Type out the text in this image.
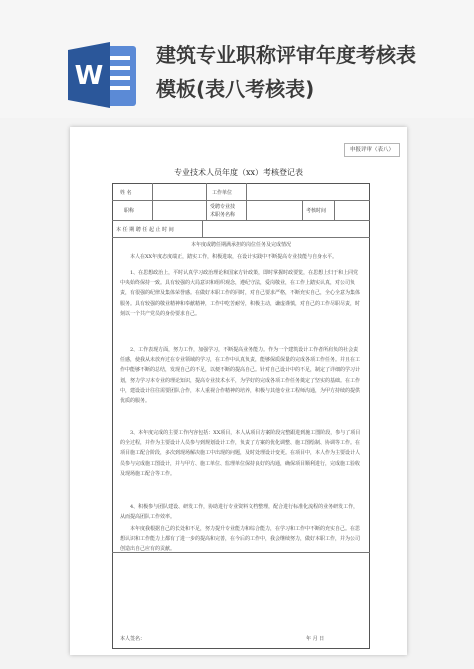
W
建筑专业职称评审年度考核表
模板(表八考核表)
申报评审（表八）
专业技术人员年度（xx）考核登记表
姓 名	工作单位
职称
受聘专业技
术职务名称
考核时间
本 任 期 聘 任 起 止 时 间

本年度或聘任期满承担的岗位任务及完成情况

本人在XX年度态度端正，踏实工作，积极进取，在设计实践中不断提高专业技能与自身水平。

1、在思想政治上，平时认真学习政治理论和国家方针政策，即时掌握时政要览，在思想上归于和上同党中央始终保持一致。具有较强的大局意识和组织观念，遵纪守法，爱岗敬业，在工作上踏实认真，对公司负责，有很强的纪律及集体荣誉感。在做好本职工作的同时，对自己要求严格，不断充实自己，全心全意为集体服务。具有较强的敬业精神和奉献精神，工作中吃苦耐劳，积极主动，谦虚谨慎，对自己的工作尽职尽责，时刻以一个共产党员的身份要求自己。

2、工作表现方面，努力工作，加强学习，不断提高业务能力。作为一个建筑设计工作者所肩负的社会责任感，使我从未放弃过在专业领域的学习，在工作中认真负责，能够保质保量的完成各项工作任务。并且在工作中能够不断的总结，发现自己的不足，以便不断的提高自己。针对自己设计中的不足，制定了详细的学习计划，努力学习本专业的理论知识，提高专业技术水平，为学好的完成各项工作任务奠定了坚实的基础。在工作中，建设设计往往需要团队合作，本人重视合作精神的培养，积极与其他专业工程师沟通，为甲方持续的提供优质的服务。

3、本年度完成的主要工作内容包括：XX项目，本人从项目方案阶段完整跟进到施工图阶段，参与了项目的全过程，并作为主要设计人员参与到规划设计工作，负责了方案的优化调整、施工图绘制、协调等工作。在项目施工配合阶段，多次到现场解决施工中出现的问题，及时处理设计变更。在项目中，本人作为主要设计人员参与完成施工图设计，并与甲方、施工单位、监理单位保持良好的沟通，确保项目顺利进行，完成施工验收及现场施工配合等工作。

4、积极参与团队建设、研发工作，协助进行专业资料文档整理，配合进行标准化流程的业务研发工作，从而提高团队工作效率。

本年度我根据自己的长处和不足，努力提升专业能力和综合能力，在学习和工作中不断的充实自己。在思想认识和工作能力上都有了进一步的提高和完善，在今后的工作中，我会继续努力，做好本职工作，并为公司创造出自己应有的贡献。

本人签名：	年 月 日
